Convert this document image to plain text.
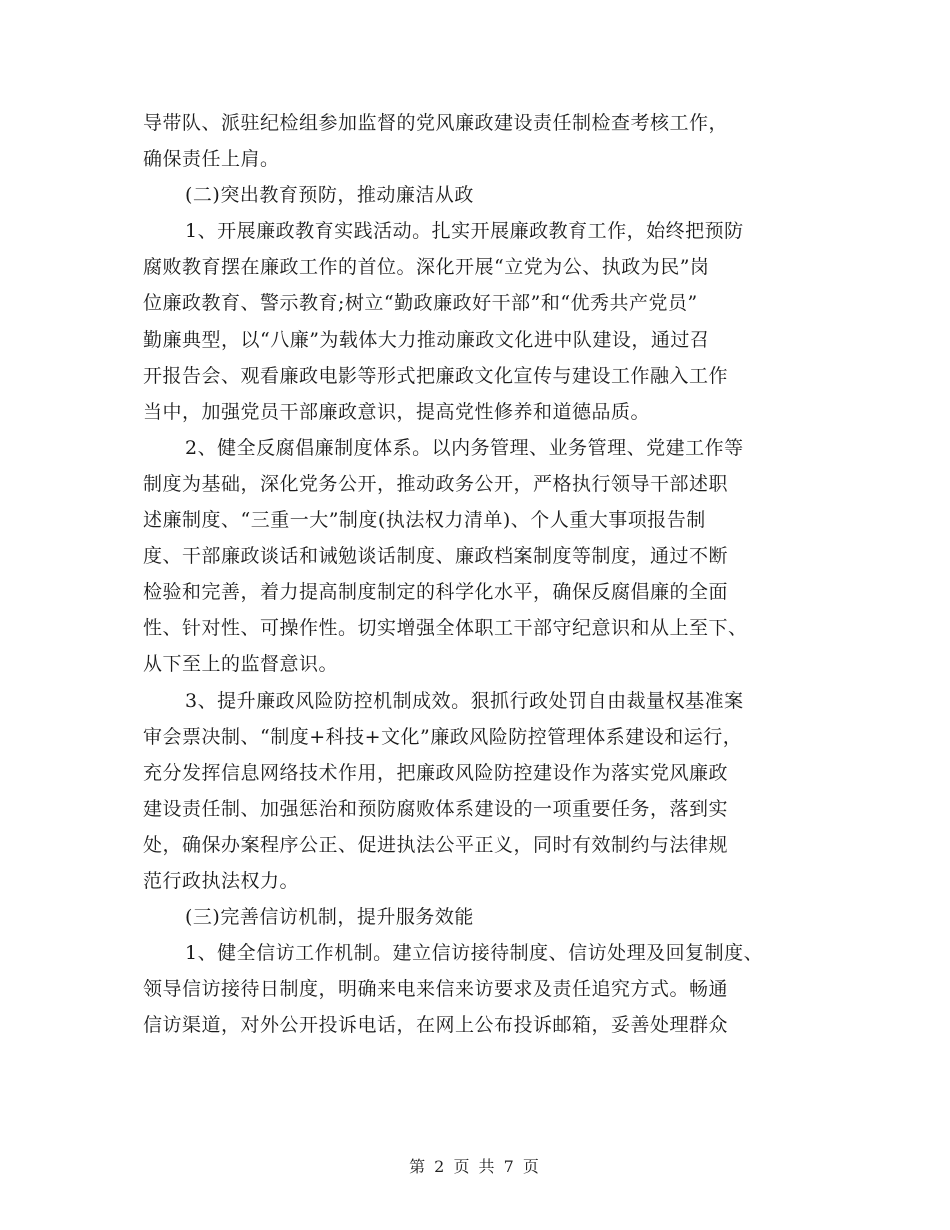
导带队、派驻纪检组参加监督的党风廉政建设责任制检查考核工作，
确保责任上肩。
(二)突出教育预防，推动廉洁从政
1、开展廉政教育实践活动。扎实开展廉政教育工作，始终把预防
腐败教育摆在廉政工作的首位。深化开展“立党为公、执政为民”岗
位廉政教育、警示教育;树立“勤政廉政好干部”和“优秀共产党员”
勤廉典型，以“八廉”为载体大力推动廉政文化进中队建设，通过召
开报告会、观看廉政电影等形式把廉政文化宣传与建设工作融入工作
当中，加强党员干部廉政意识，提高党性修养和道德品质。
2、健全反腐倡廉制度体系。以内务管理、业务管理、党建工作等
制度为基础，深化党务公开，推动政务公开，严格执行领导干部述职
述廉制度、“三重一大”制度(执法权力清单)、个人重大事项报告制
度、干部廉政谈话和诫勉谈话制度、廉政档案制度等制度，通过不断
检验和完善，着力提高制度制定的科学化水平，确保反腐倡廉的全面
性、针对性、可操作性。切实增强全体职工干部守纪意识和从上至下、
从下至上的监督意识。
3、提升廉政风险防控机制成效。狠抓行政处罚自由裁量权基准案
审会票决制、“制度+科技+文化”廉政风险防控管理体系建设和运行，
充分发挥信息网络技术作用，把廉政风险防控建设作为落实党风廉政
建设责任制、加强惩治和预防腐败体系建设的一项重要任务，落到实
处，确保办案程序公正、促进执法公平正义，同时有效制约与法律规
范行政执法权力。
(三)完善信访机制，提升服务效能
1、健全信访工作机制。建立信访接待制度、信访处理及回复制度、
领导信访接待日制度，明确来电来信来访要求及责任追究方式。畅通
信访渠道，对外公开投诉电话，在网上公布投诉邮箱，妥善处理群众
第 2 页 共 7 页
